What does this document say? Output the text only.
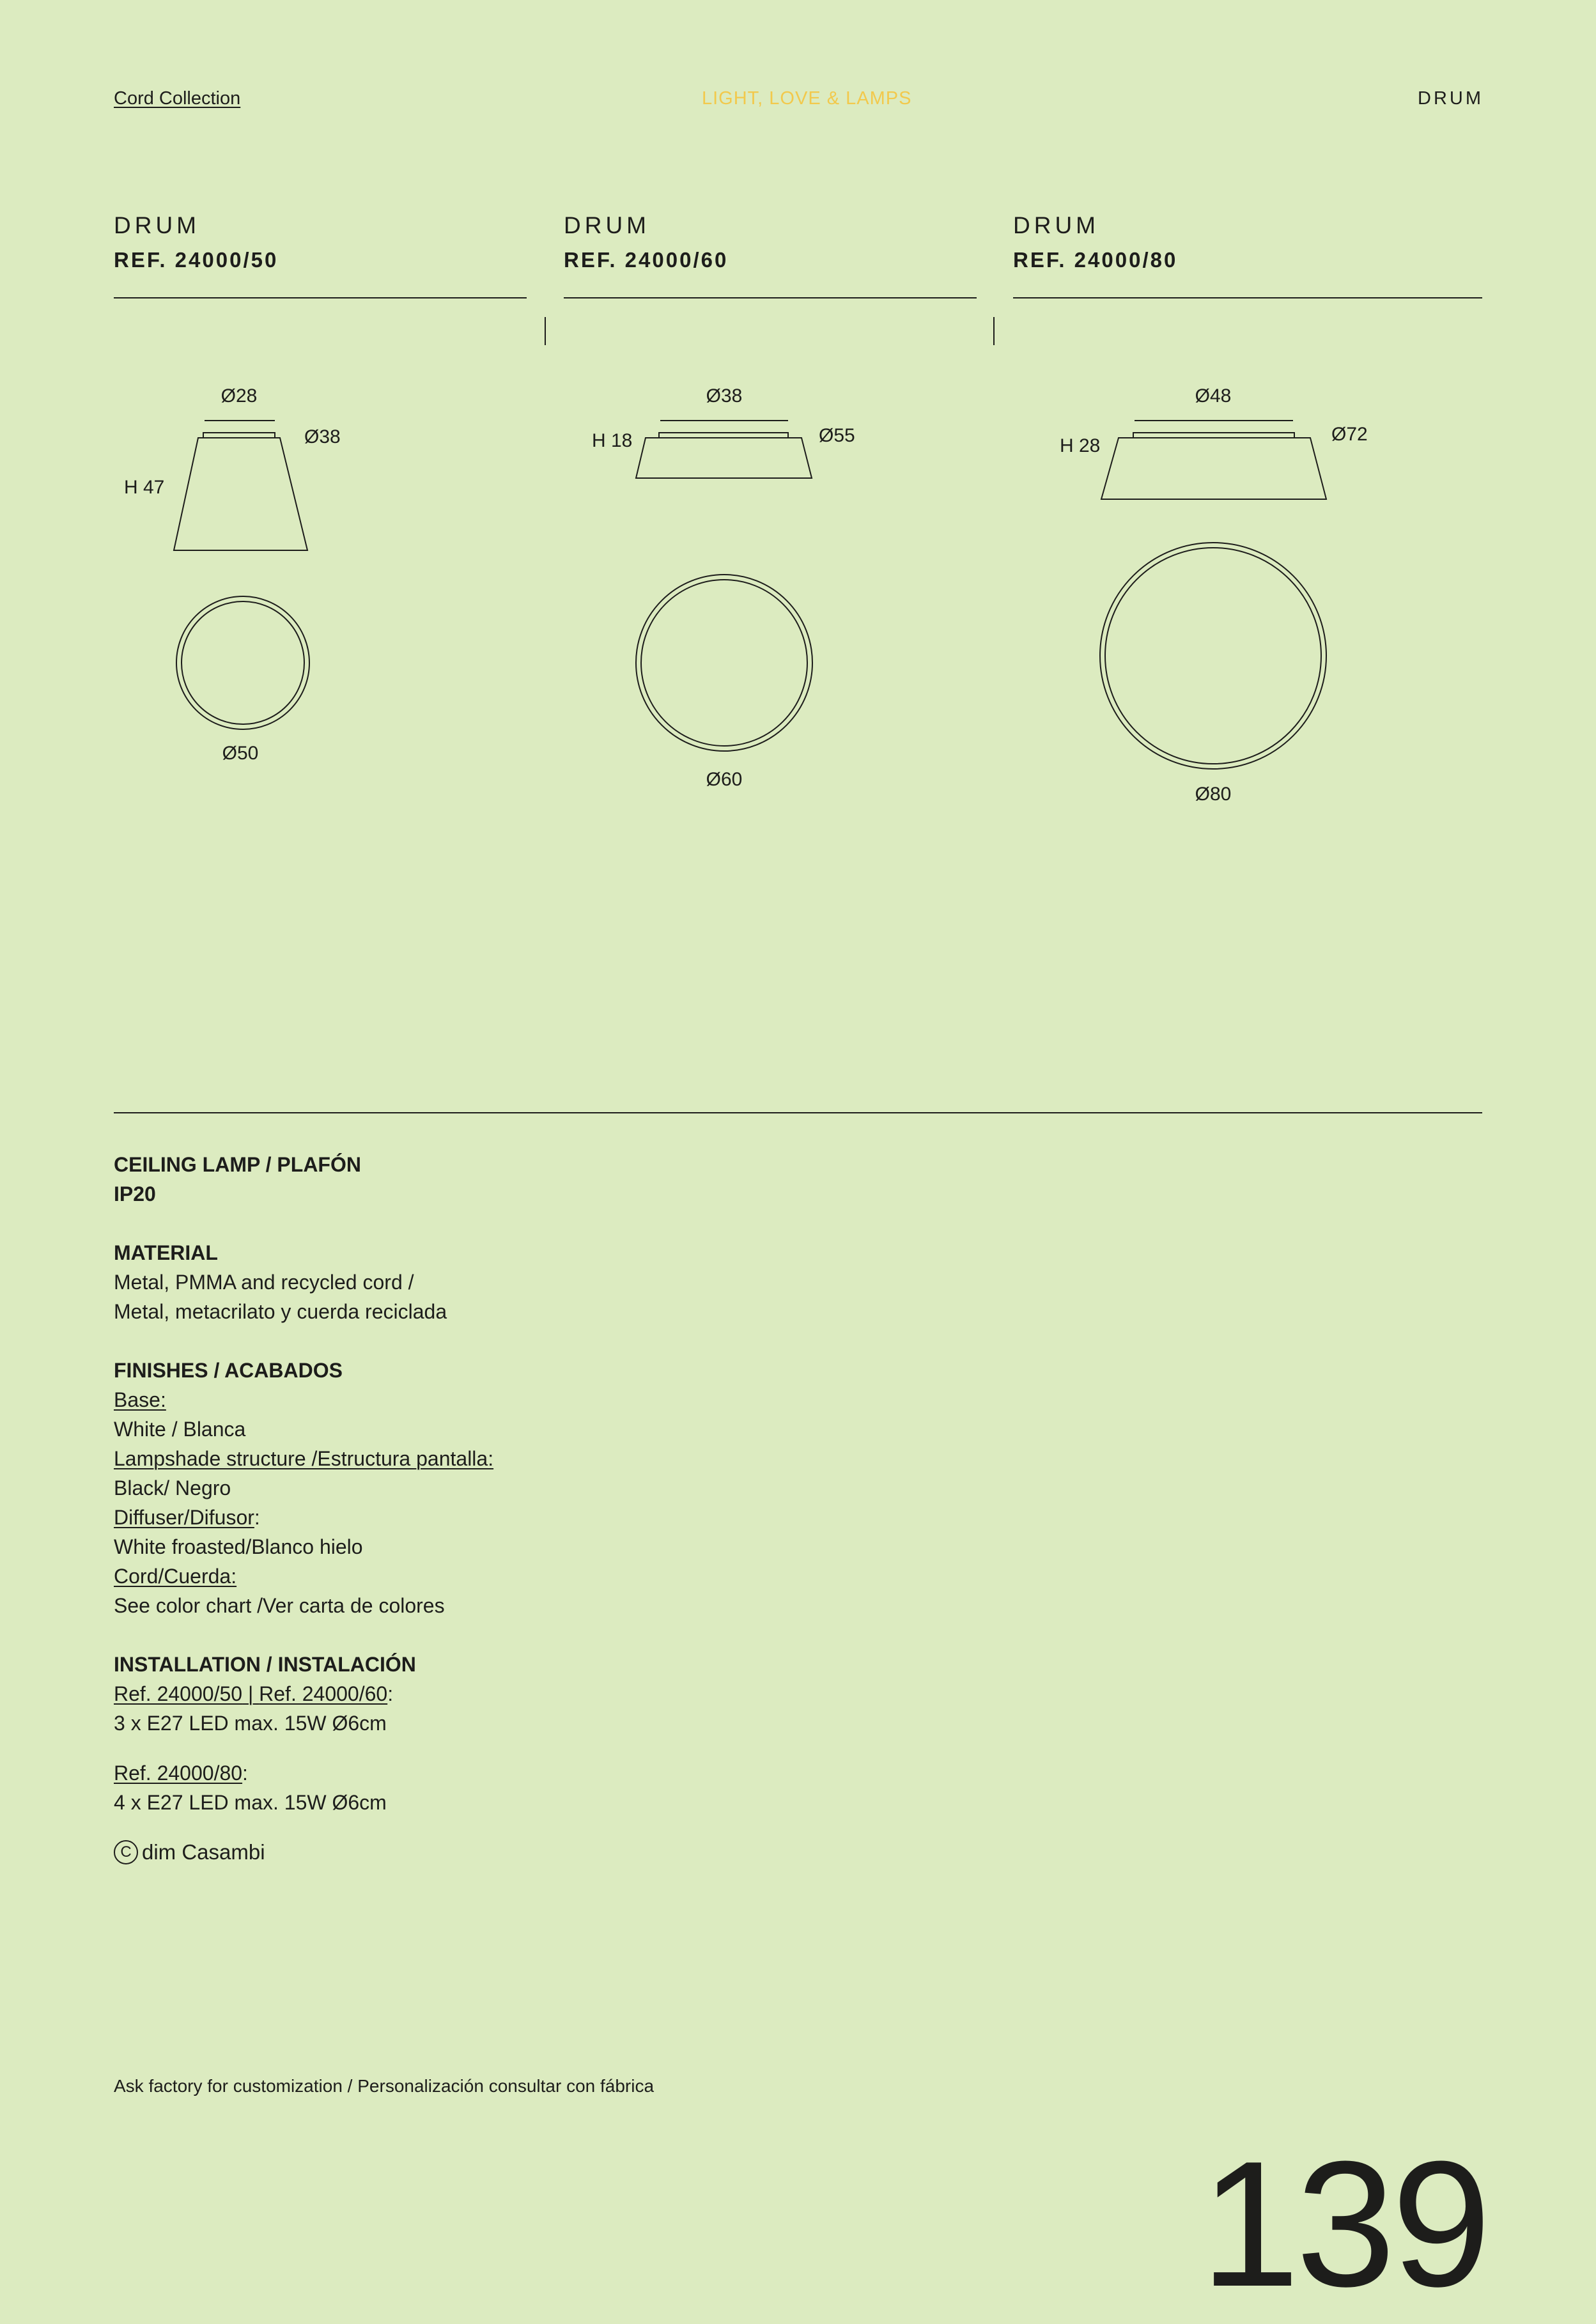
Cord Collection	LIGHT, LOVE & LAMPS	DRUM
DRUM
REF. 24000/50
DRUM
REF. 24000/60
DRUM
REF. 24000/80
Ø28
Ø38
H 47
Ø50
Ø38
Ø55
H 18
Ø60
Ø48
Ø72
H 28
Ø80

CEILING LAMP / PLAFÓN

IP20

MATERIAL

Metal, PMMA and recycled cord /

Metal, metacrilato y cuerda reciclada

FINISHES / ACABADOS

Base:

White / Blanca

Lampshade structure /Estructura pantalla:

Black/ Negro

Diffuser/Difusor:

White froasted/Blanco hielo

Cord/Cuerda:

See color chart /Ver carta de colores

INSTALLATION / INSTALACIÓN

Ref. 24000/50 | Ref. 24000/60:

3 x E27 LED max. 15W Ø6cm

Ref. 24000/80:

4 x E27 LED max. 15W Ø6cm

C dim Casambi
Ask factory for customization / Personalización consultar con fábrica
139
